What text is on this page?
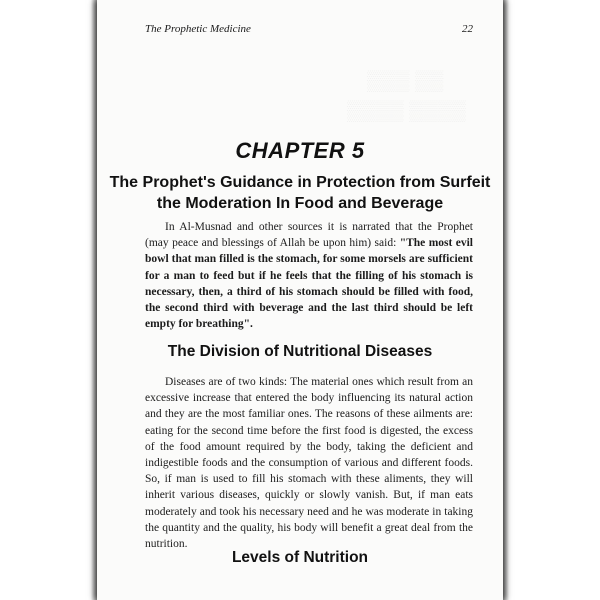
▒▒▒ ▒▒
▒▒▒▒ ▒▒▒▒
The Prophetic Medicine	22
CHAPTER 5
The Prophet's Guidance in Protection from Surfeit
the Moderation In Food and Beverage
In Al-Musnad and other sources it is narrated that the Prophet (may peace and blessings of Allah be upon him) said: "The most evil bowl that man filled is the stomach, for some morsels are sufficient for a man to feed but if he feels that the filling of his stomach is necessary, then, a third of his stomach should be filled with food, the second third with beverage and the last third should be left empty for breathing".
The Division of Nutritional Diseases
Diseases are of two kinds: The material ones which result from an excessive increase that entered the body influencing its natural action and they are the most familiar ones. The reasons of these ailments are: eating for the second time before the first food is digested, the excess of the food amount required by the body, taking the deficient and indigestible foods and the consumption of various and different foods. So, if man is used to fill his stomach with these aliments, they will inherit various diseases, quickly or slowly vanish. But, if man eats moderately and took his necessary need and he was moderate in taking the quantity and the quality, his body will benefit a great deal from the nutrition.
Levels of Nutrition
